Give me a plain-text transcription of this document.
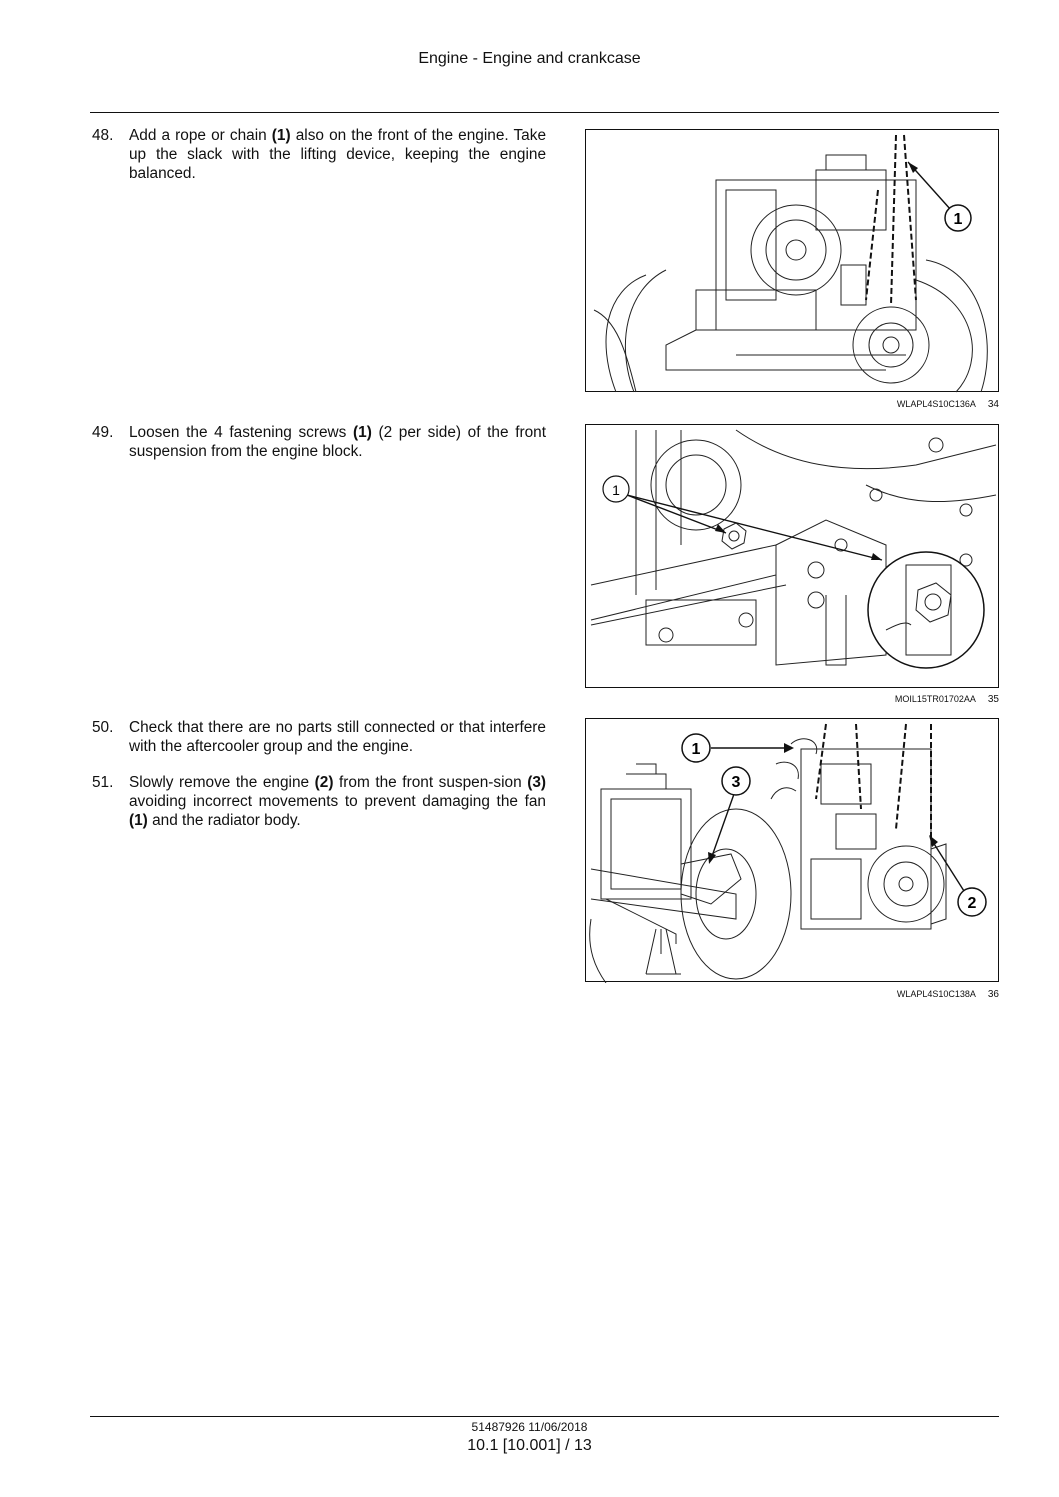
Engine - Engine and crankcase
48.	Add a rope or chain (1) also on the front of the engine. Take up the slack with the lifting device, keeping the engine balanced.
1
WLAPL4S10C136A 34
49.	Loosen the 4 fastening screws (1) (2 per side) of the front suspension from the engine block.
1
MOIL15TR01702AA 35
50.	Check that there are no parts still connected or that interfere with the aftercooler group and the engine.
51.	Slowly remove the engine (2) from the front suspen-sion (3) avoiding incorrect movements to prevent damaging the fan (1) and the radiator body.
1
3
2
WLAPL4S10C138A 36
51487926 11/06/2018
10.1 [10.001] / 13
